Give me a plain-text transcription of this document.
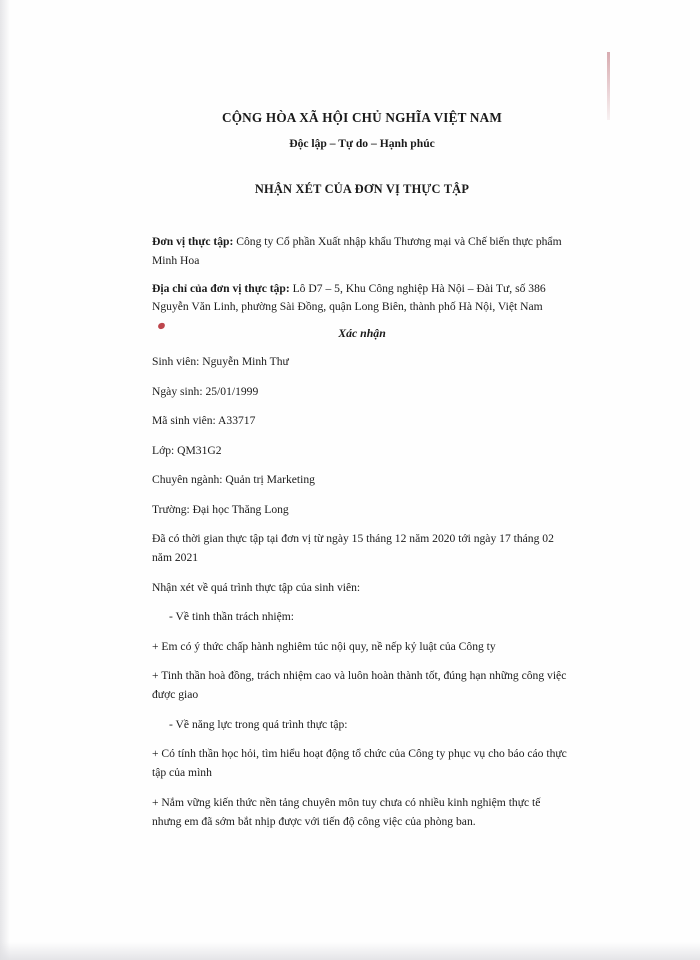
CỘNG HÒA XÃ HỘI CHỦ NGHĨA VIỆT NAM

Độc lập – Tự do – Hạnh phúc

NHẬN XÉT CỦA ĐƠN VỊ THỰC TẬP

Đơn vị thực tập: Công ty Cổ phần Xuất nhập khẩu Thương mại và Chế biến thực phẩm Minh Hoa

Địa chỉ của đơn vị thực tập: Lô D7 – 5, Khu Công nghiệp Hà Nội – Đài Tư, số 386 Nguyễn Văn Linh, phường Sài Đồng, quận Long Biên, thành phố Hà Nội, Việt Nam

Xác nhận

Sinh viên: Nguyễn Minh Thư

Ngày sinh: 25/01/1999

Mã sinh viên: A33717

Lớp: QM31G2

Chuyên ngành: Quản trị Marketing

Trường: Đại học Thăng Long

Đã có thời gian thực tập tại đơn vị từ ngày 15 tháng 12 năm 2020 tới ngày 17 tháng 02 năm 2021

Nhận xét về quá trình thực tập của sinh viên:

- Về tinh thần trách nhiệm:

+ Em có ý thức chấp hành nghiêm túc nội quy, nề nếp kỷ luật của Công ty

+ Tinh thần hoà đồng, trách nhiệm cao và luôn hoàn thành tốt, đúng hạn những công việc được giao

- Về năng lực trong quá trình thực tập:

+ Có tính thần học hỏi, tìm hiểu hoạt động tổ chức của Công ty phục vụ cho báo cáo thực tập của mình

+ Nắm vững kiến thức nền tảng chuyên môn tuy chưa có nhiều kinh nghiệm thực tế nhưng em đã sớm bắt nhịp được với tiến độ công việc của phòng ban.
